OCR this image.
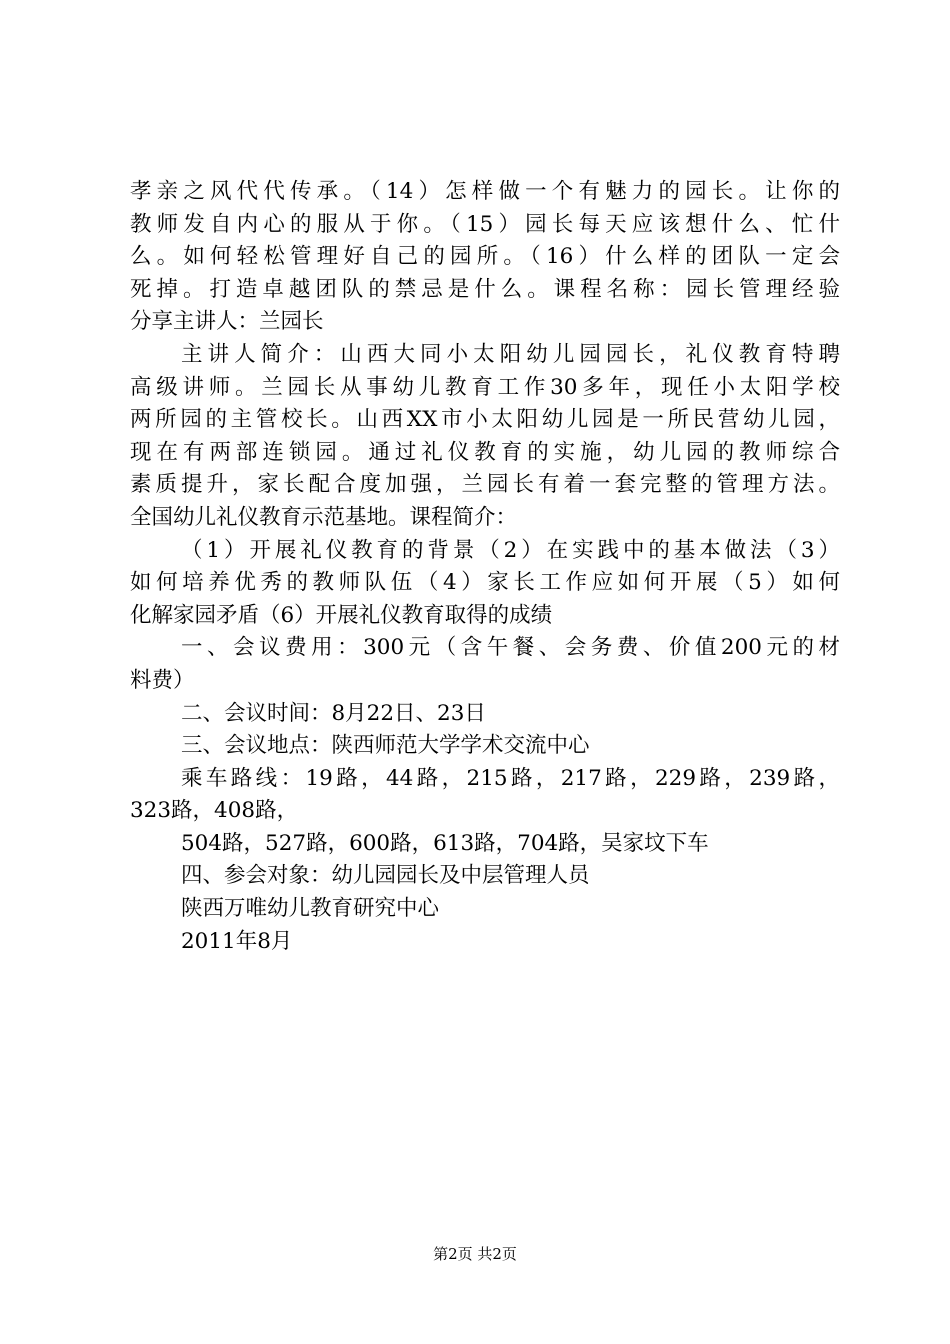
孝亲之风代代传承。（14）怎样做一个有魅力的园长。让你的
教师发自内心的服从于你。（15）园长每天应该想什么、忙什
么。如何轻松管理好自己的园所。（16）什么样的团队一定会
死掉。打造卓越团队的禁忌是什么。课程名称：园长管理经验
分享主讲人：兰园长
主讲人简介：山西大同小太阳幼儿园园长，礼仪教育特聘
高级讲师。兰园长从事幼儿教育工作30多年，现任小太阳学校
两所园的主管校长。山西XX市小太阳幼儿园是一所民营幼儿园，
现在有两部连锁园。通过礼仪教育的实施，幼儿园的教师综合
素质提升，家长配合度加强，兰园长有着一套完整的管理方法。
全国幼儿礼仪教育示范基地。课程简介：
（1）开展礼仪教育的背景（2）在实践中的基本做法（3）
如何培养优秀的教师队伍（4）家长工作应如何开展（5）如何
化解家园矛盾（6）开展礼仪教育取得的成绩
一、会议费用：300元（含午餐、会务费、价值200元的材
料费）
二、会议时间：8月22日、23日
三、会议地点：陕西师范大学学术交流中心
乘车路线：19路，44路，215路，217路，229路，239路，
323路，408路，
504路，527路，600路，613路，704路，吴家坟下车
四、参会对象：幼儿园园长及中层管理人员
陕西万唯幼儿教育研究中心
2011年8月
第2页 共2页
